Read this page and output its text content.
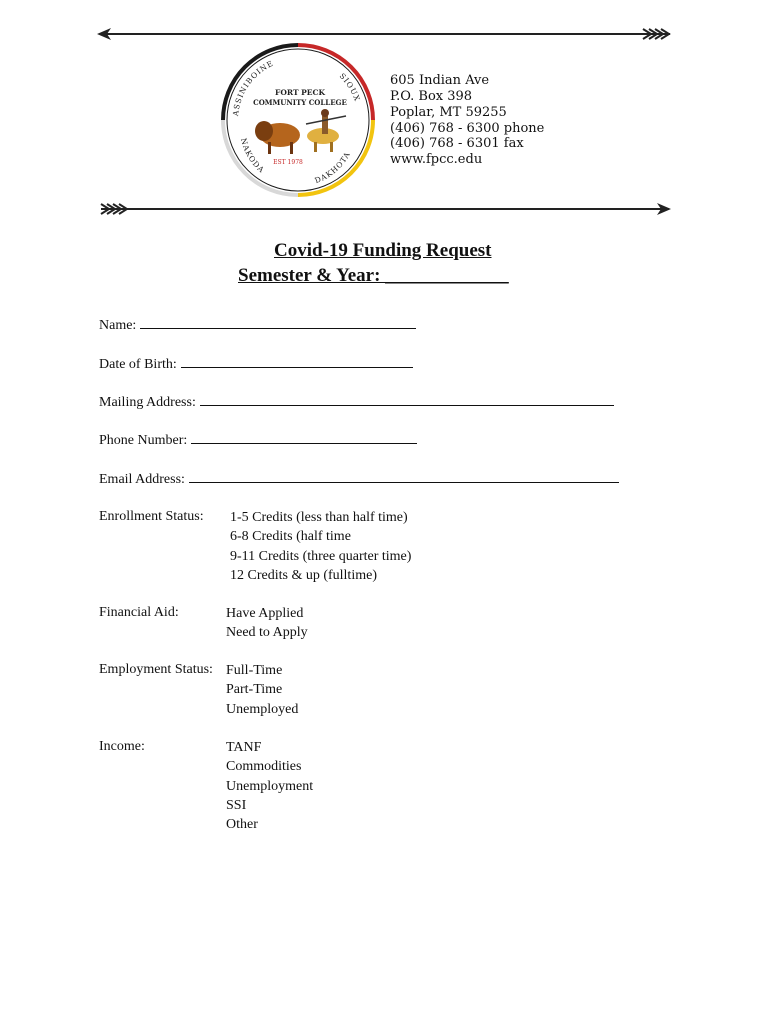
ASSINIBOINE
SIOUX
NAKODA
DAKHOTA
FORT PECK
COMMUNITY COLLEGE
EST 1978
605 Indian Ave
P.O. Box 398
Poplar, MT 59255
(406) 768 - 6300 phone
(406) 768 - 6301 fax
www.fpcc.edu
Covid-19 Funding Request
Semester & Year: _____________
Name:
Date of Birth:
Mailing Address:
Phone Number:
Email Address:
Enrollment Status: 1-5 Credits (less than half time)
6-8 Credits (half time
9-11 Credits (three quarter time)
12 Credits & up (fulltime)
Financial Aid:	Have Applied
Need to Apply
Employment Status: Full-Time
Part-Time
Unemployed
Income:	TANF
Commodities
Unemployment
SSI
Other
